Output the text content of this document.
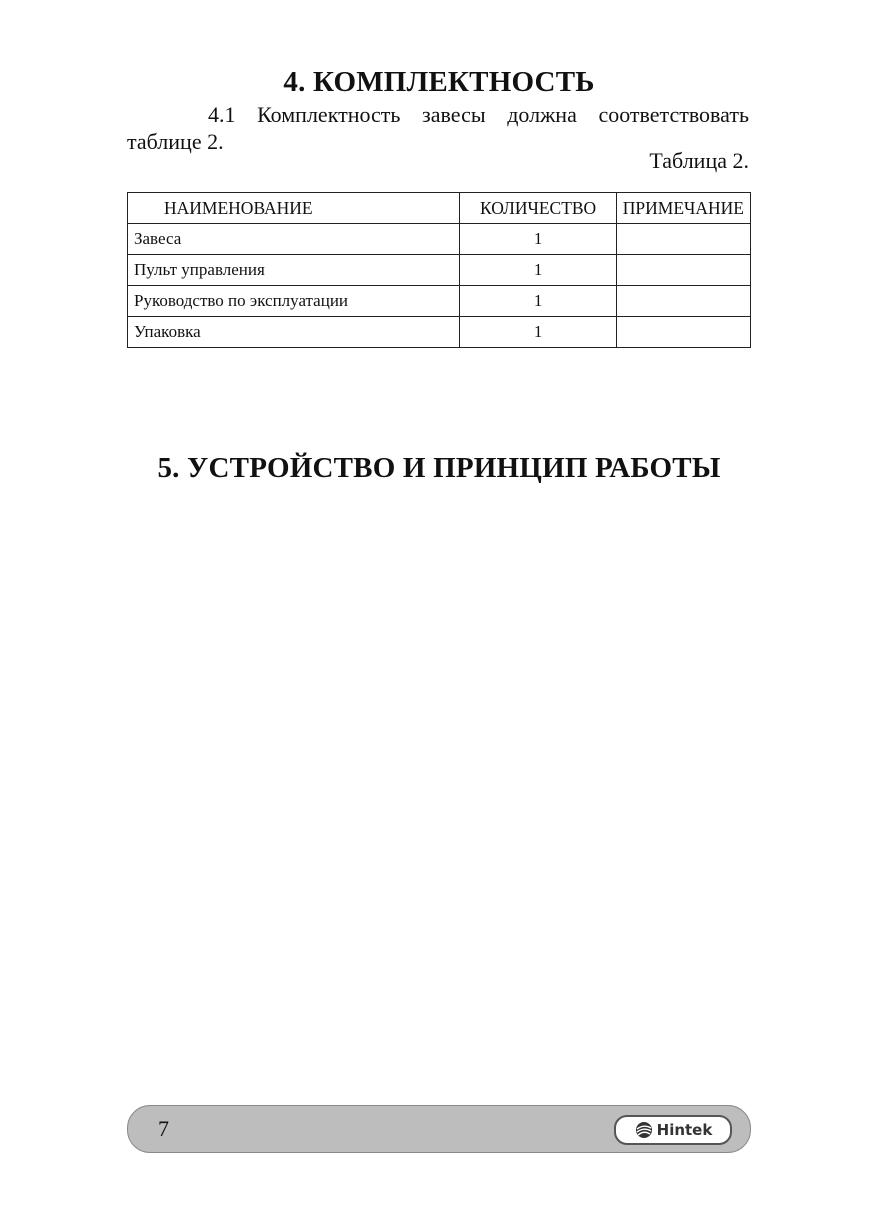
4. КОМПЛЕКТНОСТЬ
4.1 Комплектность завесы должна соответствовать
таблице 2.
Таблица 2.
НАИМЕНОВАНИЕ	КОЛИЧЕСТВО	ПРИМЕЧАНИЕ
Завеса	1	
Пульт управления	1	
Руководство по эксплуатации	1	
Упаковка	1	
5. УСТРОЙСТВО И ПРИНЦИП РАБОТЫ
7	Hintek
